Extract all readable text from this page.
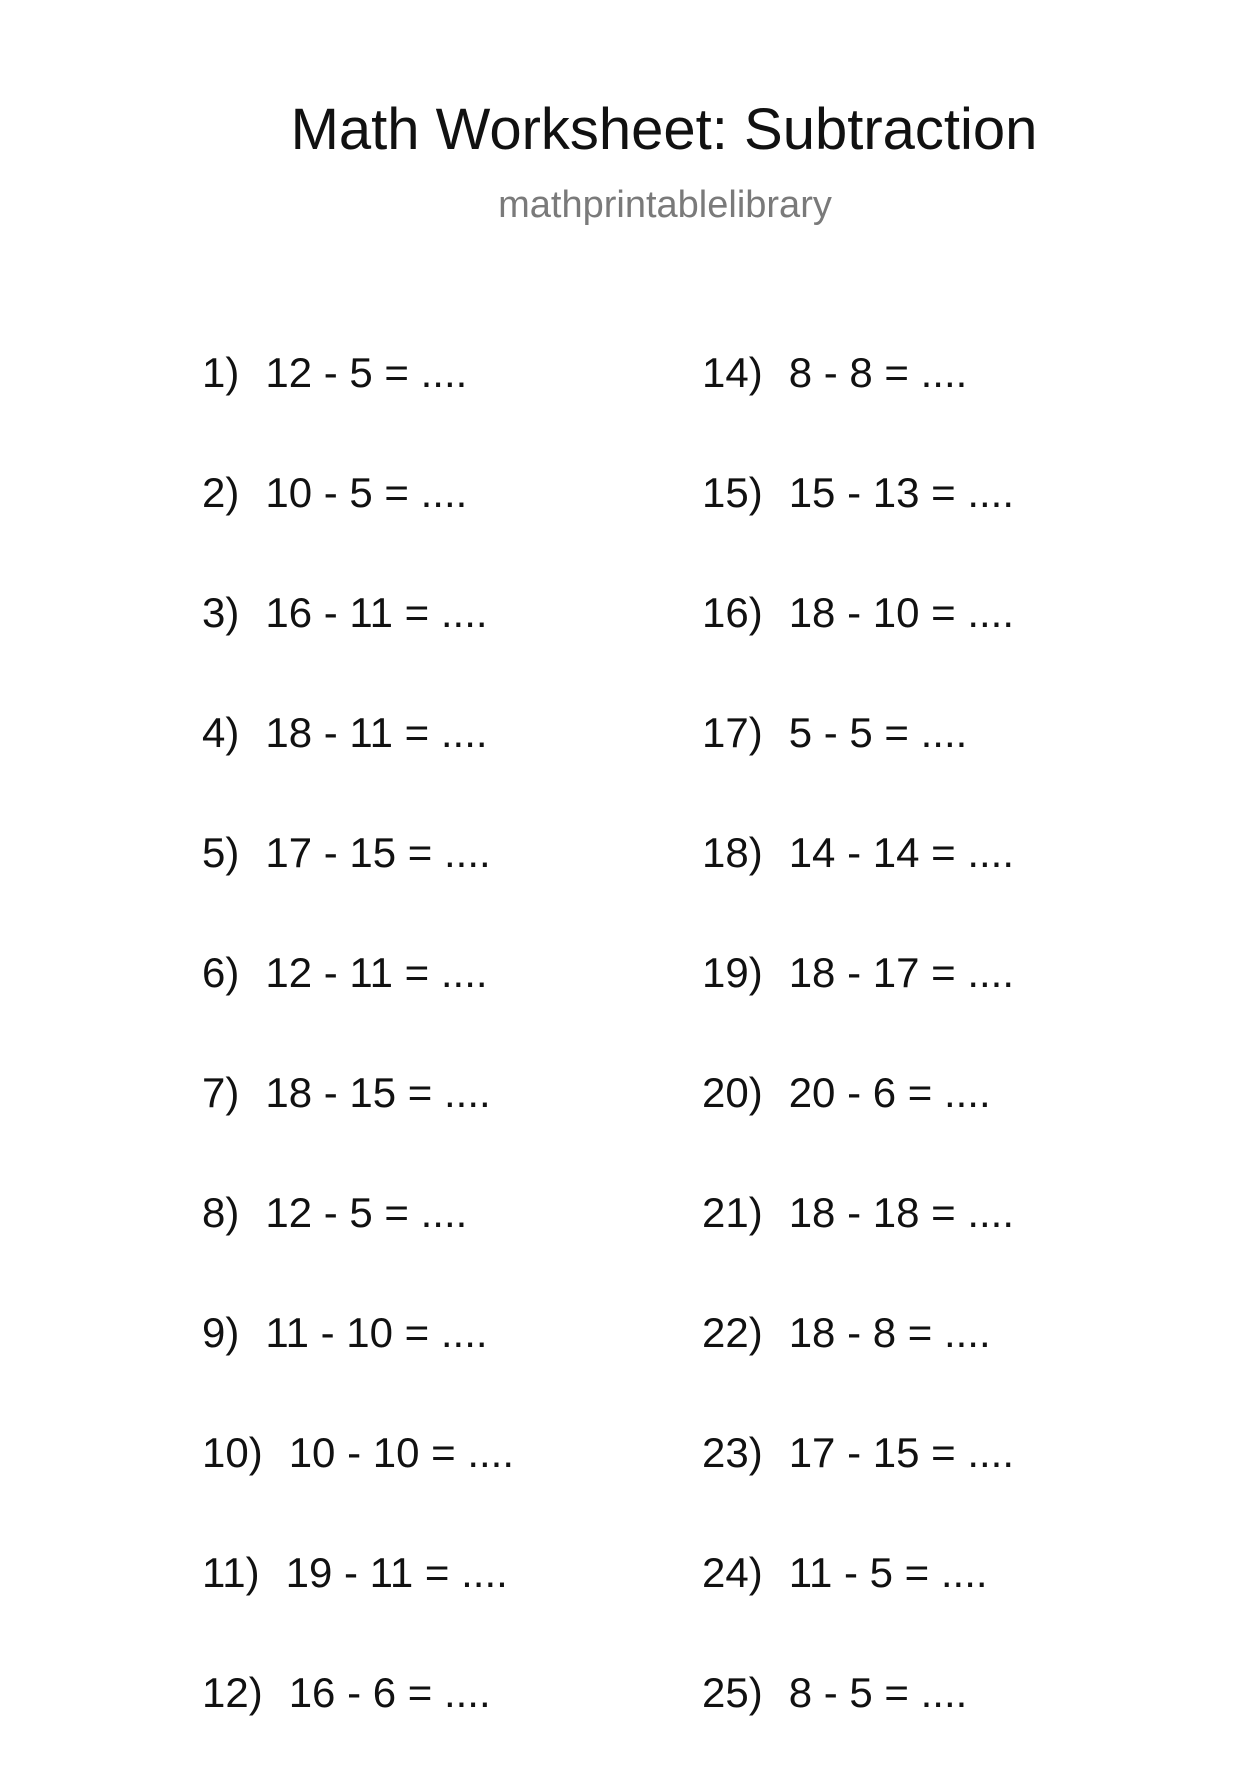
Math Worksheet: Subtraction
mathprintablelibrary
1) 12 - 5 = ....
2) 10 - 5 = ....
3) 16 - 11 = ....
4) 18 - 11 = ....
5) 17 - 15 = ....
6) 12 - 11 = ....
7) 18 - 15 = ....
8) 12 - 5 = ....
9) 11 - 10 = ....
10) 10 - 10 = ....
11) 19 - 11 = ....
12) 16 - 6 = ....
14) 8 - 8 = ....
15) 15 - 13 = ....
16) 18 - 10 = ....
17) 5 - 5 = ....
18) 14 - 14 = ....
19) 18 - 17 = ....
20) 20 - 6 = ....
21) 18 - 18 = ....
22) 18 - 8 = ....
23) 17 - 15 = ....
24) 11 - 5 = ....
25) 8 - 5 = ....
